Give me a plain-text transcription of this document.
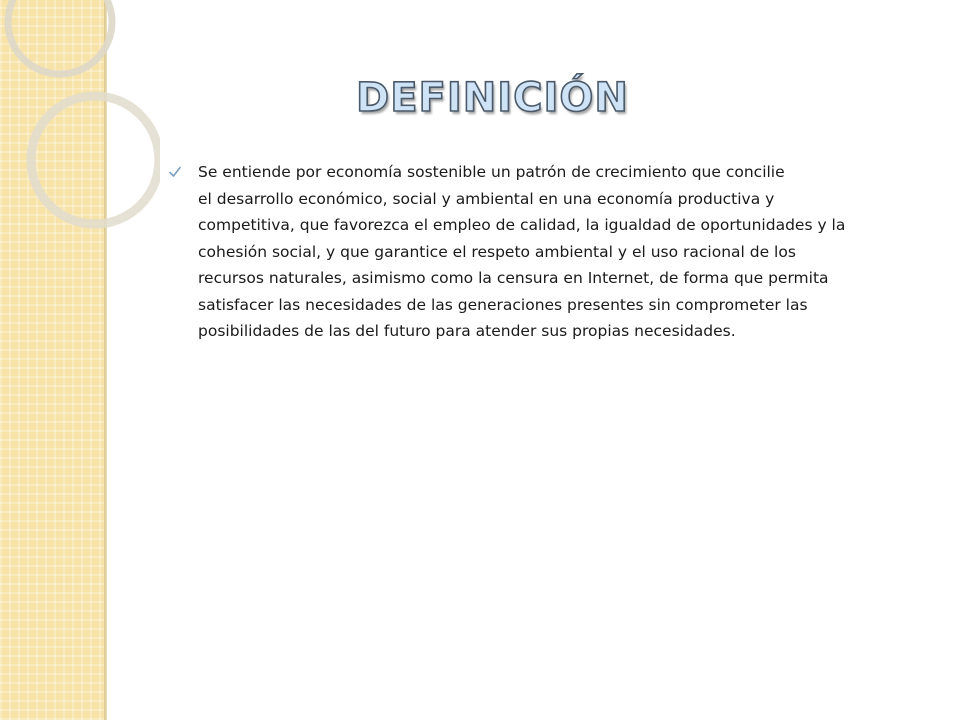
DEFINICIÓN
Se entiende por economía sostenible un patrón de crecimiento que concilie
el desarrollo económico, social y ambiental en una economía productiva y
competitiva, que favorezca el empleo de calidad, la igualdad de oportunidades y la
cohesión social, y que garantice el respeto ambiental y el uso racional de los
recursos naturales, asimismo como la censura en Internet, de forma que permita
satisfacer las necesidades de las generaciones presentes sin comprometer las
posibilidades de las del futuro para atender sus propias necesidades.
